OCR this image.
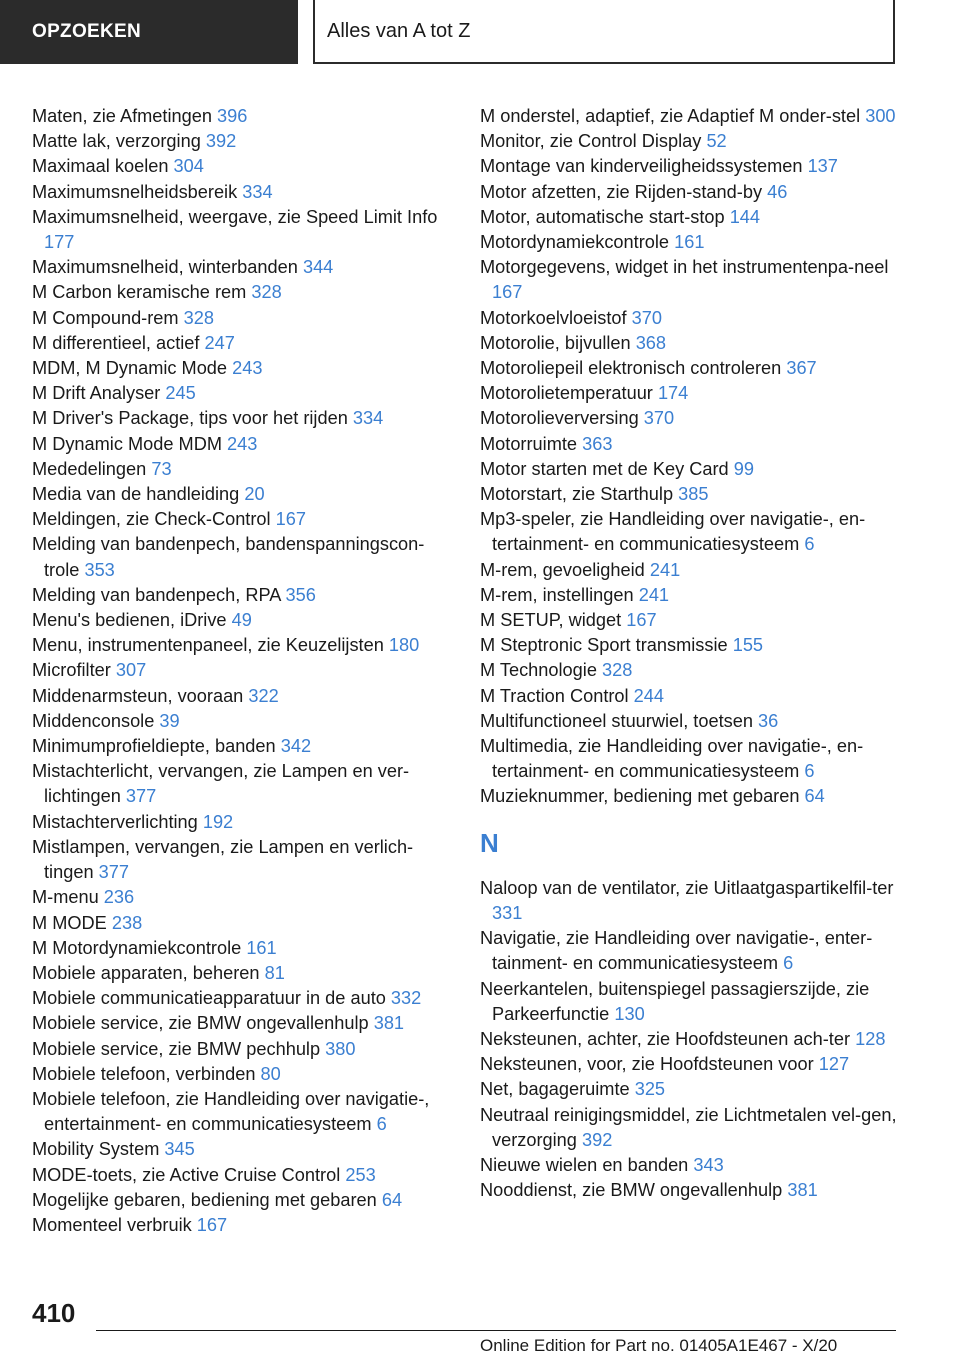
OPZOEKEN	Alles van A tot Z
Maten, zie Afmetingen 396
Matte lak, verzorging 392
Maximaal koelen 304
Maximumsnelheidsbereik 334
Maximumsnelheid, weergave, zie Speed Limit Info 177
Maximumsnelheid, winterbanden 344
M Carbon keramische rem 328
M Compound-rem 328
M differentieel, actief 247
MDM, M Dynamic Mode 243
M Drift Analyser 245
M Driver's Package, tips voor het rijden 334
M Dynamic Mode MDM 243
Mededelingen 73
Media van de handleiding 20
Meldingen, zie Check-Control 167
Melding van bandenpech, bandenspanningscon-trole 353
Melding van bandenpech, RPA 356
Menu's bedienen, iDrive 49
Menu, instrumentenpaneel, zie Keuzelijsten 180
Microfilter 307
Middenarmsteun, vooraan 322
Middenconsole 39
Minimumprofieldiepte, banden 342
Mistachterlicht, vervangen, zie Lampen en ver-lichtingen 377
Mistachterverlichting 192
Mistlampen, vervangen, zie Lampen en verlich-tingen 377
M-menu 236
M MODE 238
M Motordynamiekcontrole 161
Mobiele apparaten, beheren 81
Mobiele communicatieapparatuur in de auto 332
Mobiele service, zie BMW ongevallenhulp 381
Mobiele service, zie BMW pechhulp 380
Mobiele telefoon, verbinden 80
Mobiele telefoon, zie Handleiding over navigatie-, entertainment- en communicatiesysteem 6
Mobility System 345
MODE-toets, zie Active Cruise Control 253
Mogelijke gebaren, bediening met gebaren 64
Momenteel verbruik 167
M onderstel, adaptief, zie Adaptief M onder-stel 300
Monitor, zie Control Display 52
Montage van kinderveiligheidssystemen 137
Motor afzetten, zie Rijden-stand-by 46
Motor, automatische start-stop 144
Motordynamiekcontrole 161
Motorgegevens, widget in het instrumentenpa-neel 167
Motorkoelvloeistof 370
Motorolie, bijvullen 368
Motoroliepeil elektronisch controleren 367
Motorolietemperatuur 174
Motorolieverversing 370
Motorruimte 363
Motor starten met de Key Card 99
Motorstart, zie Starthulp 385
Mp3-speler, zie Handleiding over navigatie-, en-tertainment- en communicatiesysteem 6
M-rem, gevoeligheid 241
M-rem, instellingen 241
M SETUP, widget 167
M Steptronic Sport transmissie 155
M Technologie 328
M Traction Control 244
Multifunctioneel stuurwiel, toetsen 36
Multimedia, zie Handleiding over navigatie-, en-tertainment- en communicatiesysteem 6
Muzieknummer, bediening met gebaren 64
N
Naloop van de ventilator, zie Uitlaatgaspartikelfil-ter 331
Navigatie, zie Handleiding over navigatie-, enter-tainment- en communicatiesysteem 6
Neerkantelen, buitenspiegel passagierszijde, zie Parkeerfunctie 130
Neksteunen, achter, zie Hoofdsteunen ach-ter 128
Neksteunen, voor, zie Hoofdsteunen voor 127
Net, bagageruimte 325
Neutraal reinigingsmiddel, zie Lichtmetalen vel-gen, verzorging 392
Nieuwe wielen en banden 343
Nooddienst, zie BMW ongevallenhulp 381
410
Online Edition for Part no. 01405A1E467 - X/20
